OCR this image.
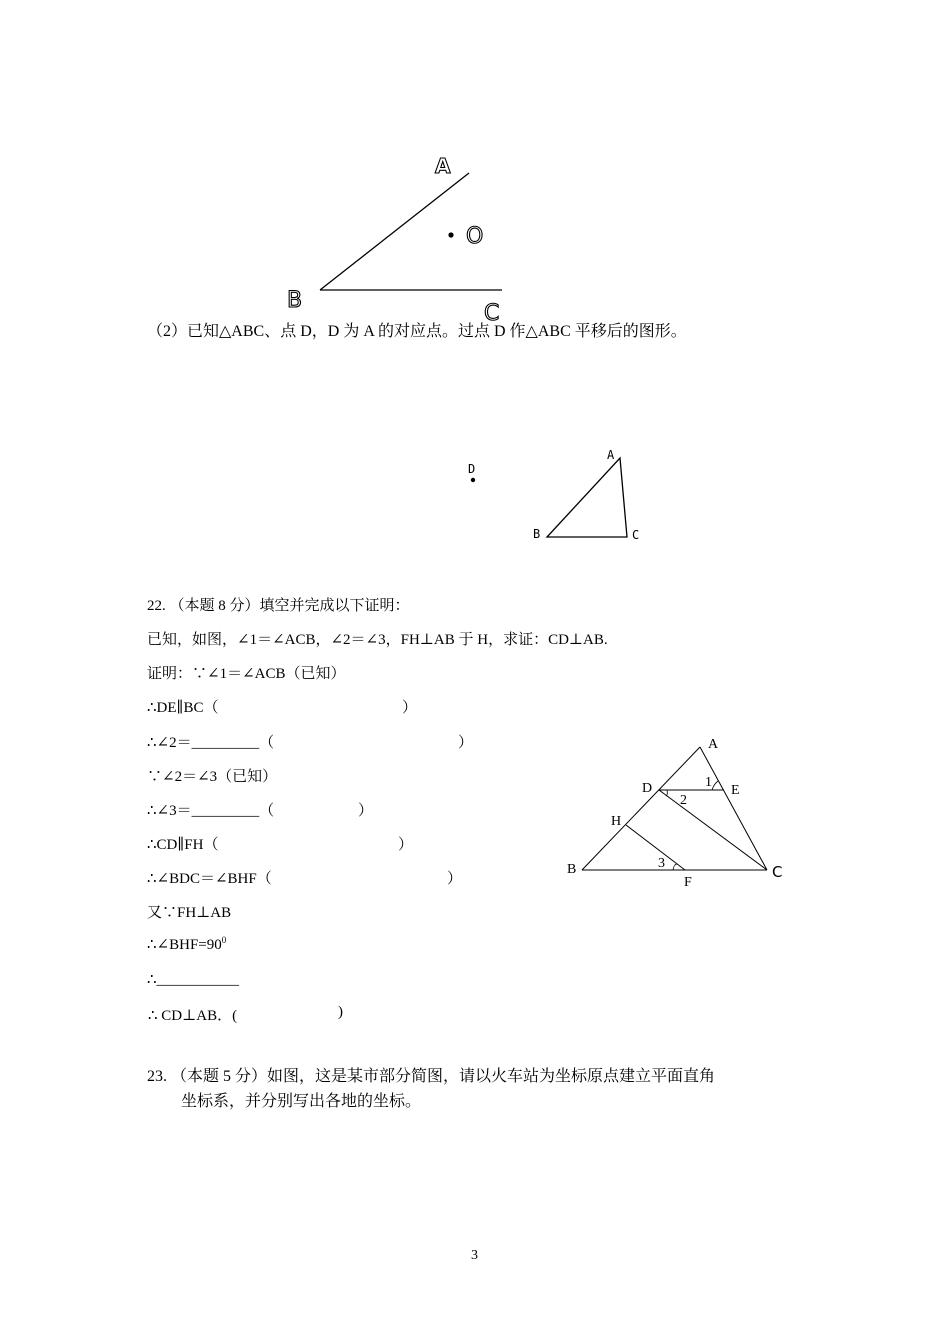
A
O
B
C
（2）已知△ABC、点 D，D 为 A 的对应点。过点 D 作△ABC 平移后的图形。
D
A
B	C
22. （本题 8 分）填空并完成以下证明：
已知，如图，∠1＝∠ACB，∠2＝∠3，FH⊥AB 于 H，求证：CD⊥AB.
证明：∵∠1＝∠ACB（已知）
∴DE∥BC（	）
∴∠2＝_________（	）
∵∠2＝∠3（已知）
∴∠3＝_________（	）
∴CD∥FH（	）
∴∠BDC＝∠BHF（	）
又∵FH⊥AB
$\therefore\angle BHF=90^0$
∴___________
∴ CD⊥AB．(	)
A
D	E
1
2
H
B	3
F
C
23. （本题 5 分）如图，这是某市部分简图，请以火车站为坐标原点建立平面直角
坐标系，并分别写出各地的坐标。
3
